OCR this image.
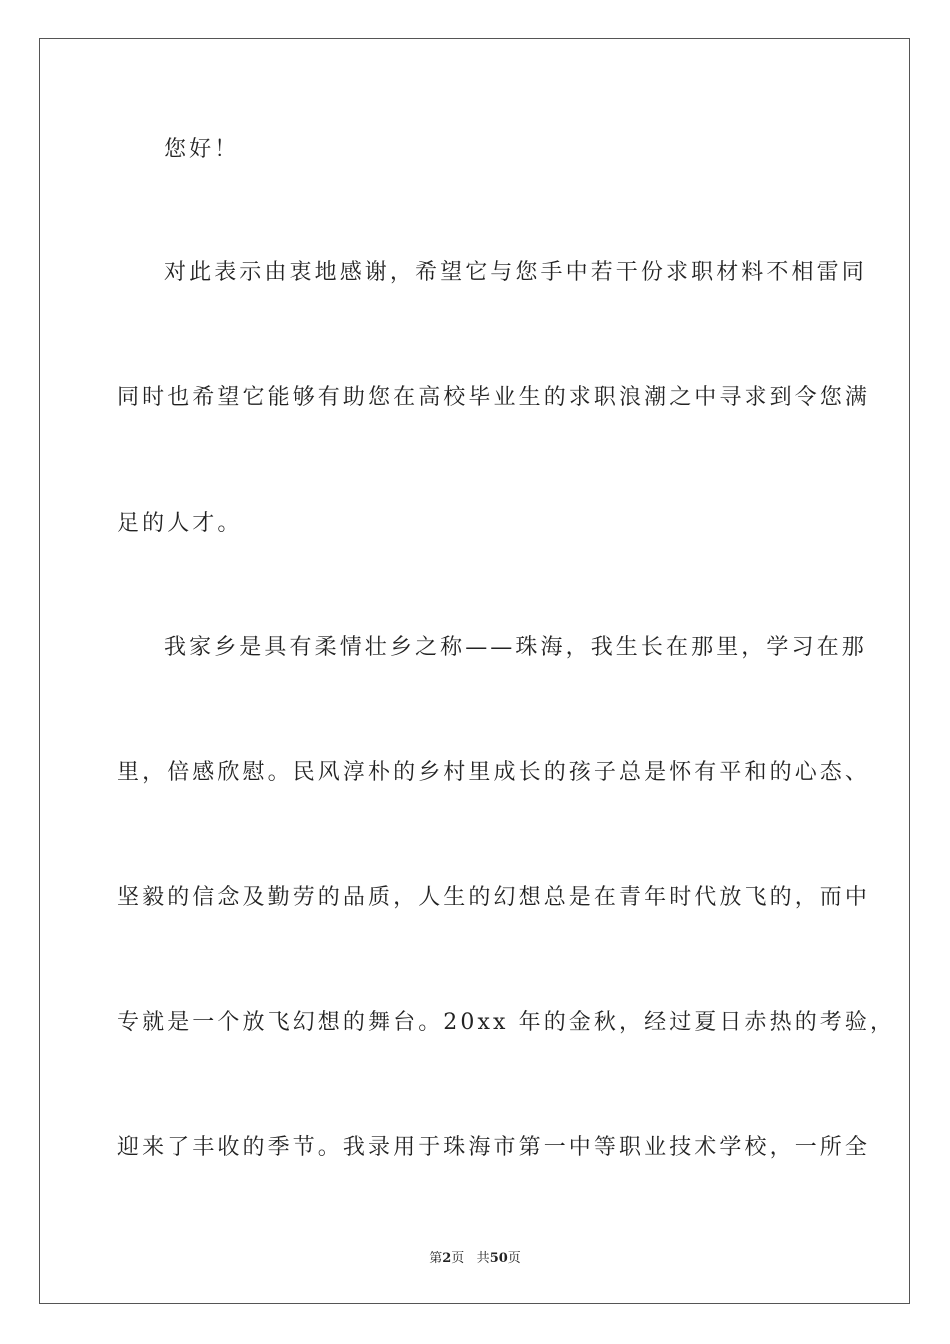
您好！
对此表示由衷地感谢，希望它与您手中若干份求职材料不相雷同
同时也希望它能够有助您在高校毕业生的求职浪潮之中寻求到令您满
足的人才。
我家乡是具有柔情壮乡之称——珠海，我生长在那里，学习在那
里，倍感欣慰。民风淳朴的乡村里成长的孩子总是怀有平和的心态、
坚毅的信念及勤劳的品质，人生的幻想总是在青年时代放飞的，而中
专就是一个放飞幻想的舞台。20xx 年的金秋，经过夏日赤热的考验，
迎来了丰收的季节。我录用于珠海市第一中等职业技术学校，一所全
第2页 共50页
